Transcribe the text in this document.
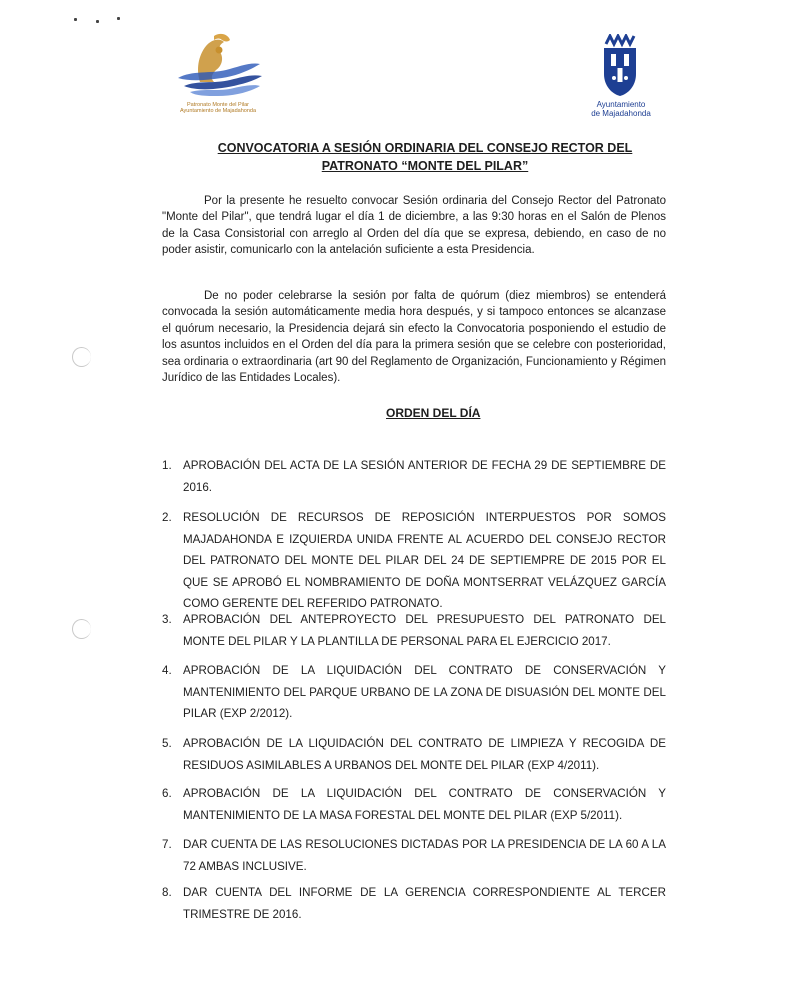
Patronato Monte del Pilar
Ayuntamiento de Majadahonda
Ayuntamiento
de Majadahonda
CONVOCATORIA A SESIÓN ORDINARIA DEL CONSEJO RECTOR DEL
PATRONATO “MONTE DEL PILAR”
Por la presente he resuelto convocar Sesión ordinaria del Consejo Rector del Patronato "Monte del Pilar", que tendrá lugar el día 1 de diciembre, a las 9:30 horas en el Salón de Plenos de la Casa Consistorial con arreglo al Orden del día que se expresa, debiendo, en caso de no poder asistir, comunicarlo con la antelación suficiente a esta Presidencia.
De no poder celebrarse la sesión por falta de quórum (diez miembros) se entenderá convocada la sesión automáticamente media hora después, y si tampoco entonces se alcanzase el quórum necesario, la Presidencia dejará sin efecto la Convocatoria posponiendo el estudio de los asuntos incluidos en el Orden del día para la primera sesión que se celebre con posterioridad, sea ordinaria o extraordinaria (art 90 del Reglamento de Organización, Funcionamiento y Régimen Jurídico de las Entidades Locales).
ORDEN DEL DÍA
1. APROBACIÓN DEL ACTA DE LA SESIÓN ANTERIOR DE FECHA 29 DE SEPTIEMBRE DE 2016.
2. RESOLUCIÓN DE RECURSOS DE REPOSICIÓN INTERPUESTOS POR SOMOS MAJADAHONDA E IZQUIERDA UNIDA FRENTE AL ACUERDO DEL CONSEJO RECTOR DEL PATRONATO DEL MONTE DEL PILAR DEL 24 DE SEPTIEMPRE DE 2015 POR EL QUE SE APROBÓ EL NOMBRAMIENTO DE DOÑA MONTSERRAT VELÁZQUEZ GARCÍA COMO GERENTE DEL REFERIDO PATRONATO.
3. APROBACIÓN DEL ANTEPROYECTO DEL PRESUPUESTO DEL PATRONATO DEL MONTE DEL PILAR Y LA PLANTILLA DE PERSONAL PARA EL EJERCICIO 2017.
4. APROBACIÓN DE LA LIQUIDACIÓN DEL CONTRATO DE CONSERVACIÓN Y MANTENIMIENTO DEL PARQUE URBANO DE LA ZONA DE DISUASIÓN DEL MONTE DEL PILAR (EXP 2/2012).
5. APROBACIÓN DE LA LIQUIDACIÓN DEL CONTRATO DE LIMPIEZA Y RECOGIDA DE RESIDUOS ASIMILABLES A URBANOS DEL MONTE DEL PILAR (EXP 4/2011).
6. APROBACIÓN DE LA LIQUIDACIÓN DEL CONTRATO DE CONSERVACIÓN Y MANTENIMIENTO DE LA MASA FORESTAL DEL MONTE DEL PILAR (EXP 5/2011).
7. DAR CUENTA DE LAS RESOLUCIONES DICTADAS POR LA PRESIDENCIA DE LA 60 A LA 72 AMBAS INCLUSIVE.
8. DAR CUENTA DEL INFORME DE LA GERENCIA CORRESPONDIENTE AL TERCER TRIMESTRE DE 2016.
